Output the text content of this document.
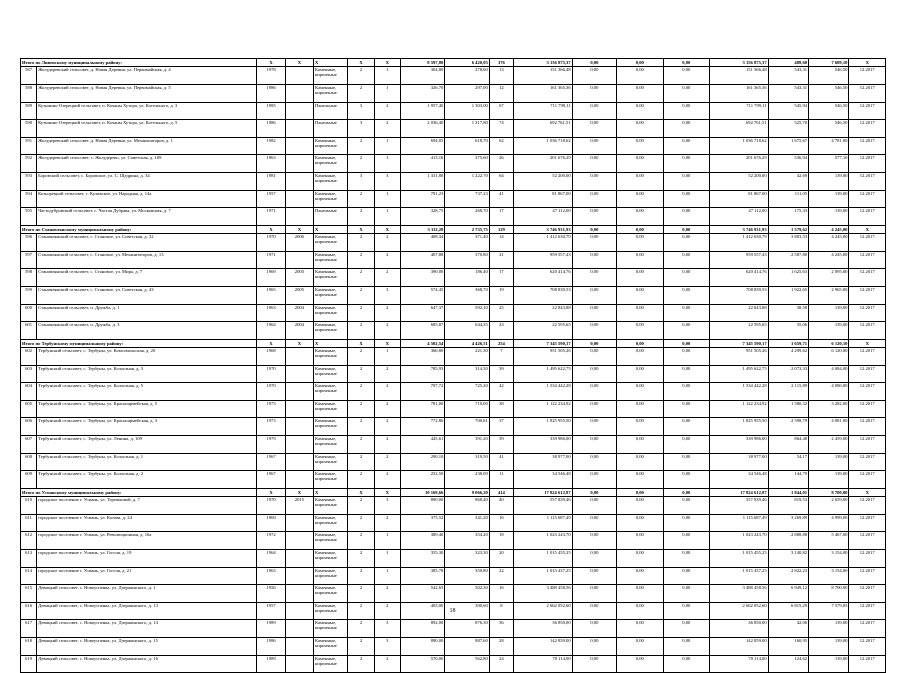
Итого по Ливенскому муниципальному району:		X	X	X	X	X	8 597,80	6 420,03	376	3 156 875,37	0,00	0,00	0,00	3 156 875,37	488,60	7 689,10	X
587	Жолудеревский сельсовет, д. Новая Деревня, ул. Первомайская, д. 4	1978		Каменные, кирпичные	2	1	304,80	278,60	13	151 366,48	0,00	0,00	0,00	151 366,48	543,31	546,50	12.2017
588	Жолудеревский сельсовет, д. Новая Деревня, ул. Первомайская, д. 5	1986		Каменные, кирпичные	2	1	326,70	297,00	12	161 365,36	0,00	0,00	0,00	161 365,36	543,31	546,50	12.2017
589	Кутьмино-Озерецкий сельсовет, п. Кочаны Хутора, ул. Котельного, д. 3	1985		Панельные	3	2	1 957,40	1 303,00	67	711 799,11	0,00	0,00	0,00	711 799,11	545,94	546,50	12.2017
590	Кутьмино-Озерецкий сельсовет, п. Кочаны Хутора, ул. Котельного, д. 5	1986		Панельные	3	2	2 036,40	1 317,80	74	692 761,51	0,00	0,00	0,00	692 761,51	525,70	546,50	12.2017
591	Жолудеревский сельсовет, д. Новая Деревня, ул. Механизаторов, д. 1	1982		Каменные, кирпичные	2	1	694,05	618,70	62	1 036 718,62	0,00	0,00	0,00	1 036 718,62	1 675,67	4 781,00	12.2017
592	Жолудеревский сельсовет, с. Жолудерево, ул. Советская, д. 109	1963		Каменные, кирпичные	2	1	413,16	375,60	26	201 676,29	0,00	0,00	0,00	201 676,29	536,94	577,10	12.2017
593	Боровский сельсовет, с. Боровское, ул. С. Щедрина, д. 34	1981		Каменные, кирпичные	3	3	1 331,80	1 222,70	64	52 200,00	0,00	0,00	0,00	52 200,00	42,69	139,00	12.2017
594	Козьорецкий сельсовет, с. Куливское, ул. Народная, д. 14а	1957		Каменные, кирпичные	2	1	791,23	737,23	41	81 867,00	0,00	0,00	0,00	81 867,00	111,05	139,00	12.2017
595	Частодубровский сельсовет, с. Частая Дубрава, ул. Московская, д. 7	1971		Панельные	2	1	328,75	268,70	17	47 112,00	0,00	0,00	0,00	47 112,00	175,33	139,00	12.2017
Итого по Становлянскому муниципальному району:		X	X	X	X	X	3 112,28	2 735,75	129	3 746 931,93	0,00	0,00	0,00	3 746 931,93	1 579,62	4 245,00	X
596	Становлянский сельсовет, с. Становое, ул. Советская, д. 32	1970	2006	Каменные, кирпичные	2	2	408,34	371,40	14	1 412 630,79	0,00	0,00	0,00	1 412 630,79	3 803,53	4 245,00	12.2017
597	Становлянский сельсовет, с. Становое, ул. Механизаторов, д. 13	1971		Каменные, кирпичные	2	2	407,88	370,80	21	959 557,43	0,00	0,00	0,00	959 557,43	2 587,80	4 245,00	12.2017
598	Становлянский сельсовет, с. Становое, ул. Мира, д. 7	1969	2003	Каменные, кирпичные	2	2	390,00	186,40	17	620 414,76	0,00	0,00	0,00	620 414,76	1 625,63	2 095,00	12.2017
599	Становлянский сельсовет, с. Становое, ул. Советская, д. 43	1965	2005	Каменные, кирпичные	2	3	574,45	368,70	19	708 839,53	0,00	0,00	0,00	708 839,53	1 922,65	2 965,00	12.2017
600	Становлянский сельсовет, п. Дружба, д. 1	1963	2004	Каменные, кирпичные	2	2	647,37	592,10	25	22 843,88	0,00	0,00	0,00	22 843,88	38,58	139,00	12.2017
601	Становлянский сельсовет, п. Дружба, д. 3	1964	2004	Каменные, кирпичные	2	2	685,87	644,35	23	22 595,65	0,00	0,00	0,00	22 595,65	35,06	139,00	12.2017
Итого по Тербунскому муниципальному району:		X	X	X	X	X	4 502,54	4 426,51	254	7 345 590,17	0,00	0,00	0,00	7 345 590,17	1 659,71	6 120,10	X
602	Тербунский сельсовет, с. Тербуны, ул. Комсомольская, д. 20	1968		Каменные, кирпичные	2	1	366,80	221,30	7	951 505,26	0,00	0,00	0,00	951 505,26	4 299,62	6 120,00	12.2017
603	Тербунский сельсовет, с. Тербуны, ул. Колхозная, д. 3	1970		Каменные, кирпичные	2	2	785,93	314,50	39	1 495 622,75	0,00	0,00	0,00	1 495 622,75	2 073,33	4 084,00	12.2017
604	Тербунский сельсовет, с. Тербуны, ул. Колхозная, д. 5	1970		Каменные, кирпичные	2	2	797,72	725,20	42	1 534 442,28	0,00	0,00	0,00	1 534 442,28	2 115,89	4 086,00	12.2017
605	Тербунский сельсовет, с. Тербуны, ул. Красноармейская, д. 5	1973		Каменные, кирпичные	2	2	781,00	710,00	38	1 122 234,92	0,00	0,00	0,00	1 122 234,92	1 580,32	3 282,00	12.2017
606	Тербунский сельсовет, с. Тербуны, ул. Красноармейская, д. 3	1973		Каменные, кирпичные	2	2	772,86	700,61	37	1 825 955,50	0,00	0,00	0,00	1 825 955,50	2 598,79	4 081,00	12.2017
607	Тербунский сельсовет, с. Тербуны, ул. Ленина, д. 109	1979		Каменные, кирпичные	2	2	445,61	391,20	39	339 986,00	0,00	0,00	0,00	339 986,00	864,48	2 459,00	12.2017
608	Тербунский сельсовет, с. Тербуны, ул. Колхозная, д. 1	1967		Каменные, кирпичные	2	2	290,10	319,50	41	38 977,00	0,00	0,00	0,00	38 977,00	54,17	139,00	12.2017
609	Тербунский сельсовет, с. Тербуны, ул. Колхозная, д. 2	1967		Каменные, кирпичные	2	2	252,50	238,09	11	34 546,48	0,00	0,00	0,00	34 546,48	144,79	139,00	12.2017
Итого по Усманскому муниципальному району:		X	X	X	X	X	10 169,66	9 066,20	414	17 824 612,87	0,00	0,00	0,00	17 824 612,87	1 844,01	8 700,00	X
610	городское поселение г. Усмань, ул. Терешковой, д. 7	1970	2015	Каменные, кирпичные	2	3	890,00	868,40	40	557 839,46	0,00	0,00	0,00	557 839,46	819,53	2 659,00	12.2017
611	городское поселение г. Усмань, ул. Котова, д. 24	1969		Каменные, кирпичные	2	2	375,52	341,20	16	1 115 687,49	0,00	0,00	0,00	1 115 687,49	3 269,89	4 999,00	12.2017
612	городское поселение г. Усмань, ул. Революционная, д. 16а	1972		Каменные, кирпичные	2	1	389,40	354,20	18	1 023 243,70	0,00	0,00	0,00	1 023 243,70	2 888,88	5 467,00	12.2017
613	городское поселение г. Усмань, ул. Гоголя, д. 19	1964		Каменные, кирпичные	2	1	355,30	323,30	20	1 015 455,25	0,00	0,00	0,00	1 015 455,25	3 140,82	3 154,00	12.2017
614	городское поселение г. Усмань, ул. Гоголя, д. 21	1963		Каменные, кирпичные	2	1	385,78	350,80	22	1 015 437,25	0,00	0,00	0,00	1 015 437,25	2 822,23	3 154,00	12.2017
615	Девицкий сельсовет, с. Новоуспенка, ул. Дзержинского, д. 1	1956		Каменные, кирпичные	2	2	542,65	502,30	16	3 488 458,56	0,00	0,00	0,00	3 488 458,56	6 949,12	8 700,00	12.2017
616	Девицкий сельсовет, с. Новоуспенка, ул. Дзержинского, д. 13	1957		Каменные, кирпичные	2	2	403,06	390,60	8	2 662 052,60	0,00	0,00	0,00	2 662 052,60	6 815,29	7 579,05	12.2017
617	Девицкий сельсовет, с. Новоуспенка, ул. Дзержинского, д. 14	1989		Каменные, кирпичные	2	3	892,00	876,30	36	36 850,00	0,00	0,00	0,00	36 850,00	42,06	139,00	12.2017
618	Девицкий сельсовет, с. Новоуспенка, ул. Дзержинского, д. 15	1986		Каменные, кирпичные	2	3	890,00	887,60	28	142 859,00	0,00	0,00	0,00	142 859,00	160,95	139,00	12.2017
619	Девицкий сельсовет, с. Новоуспенка, ул. Дзержинского, д. 16	1989		Каменные, кирпичные	2	2	570,00	562,80	24	70 114,00	0,00	0,00	0,00	70 114,00	124,62	139,00	12.2017
18
